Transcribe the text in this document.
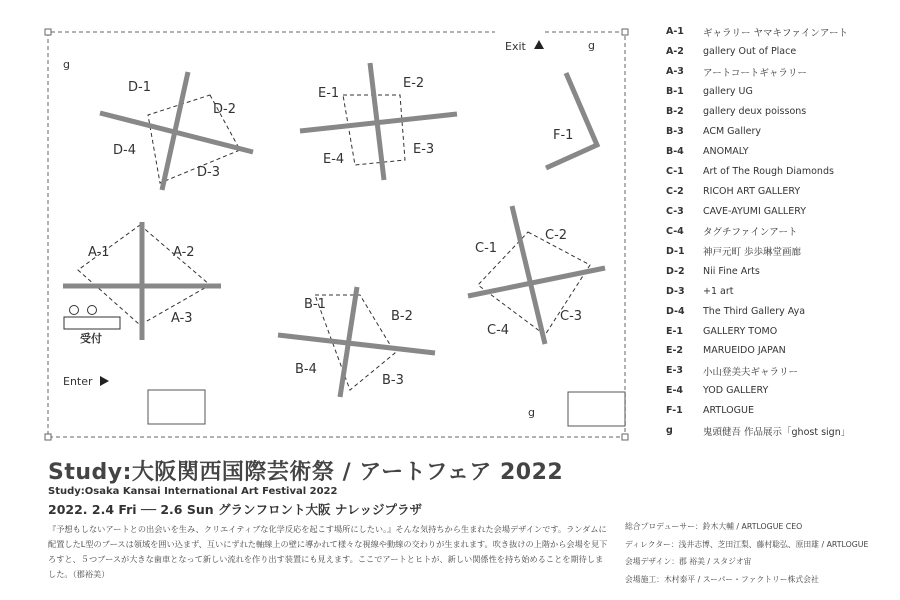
D-1
D-2
D-3
D-4
E-1
E-2
E-3
E-4
F-1
A-1	A-2
A-3
B-1
B-2
B-3
B-4
C-1
C-2
C-3
C-4
Exit
Enter
受付
g
g
g
A-1	ギャラリー ヤマキファインアート
A-2	gallery Out of Place
A-3	アートコートギャラリー
B-1	gallery UG
B-2	gallery deux poissons
B-3	ACM Gallery
B-4	ANOMALY
C-1	Art of The Rough Diamonds
C-2	RICOH ART GALLERY
C-3	CAVE-AYUMI GALLERY
C-4	タグチファインアート
D-1	神戸元町 歩歩琳堂画廊
D-2	Nii Fine Arts
D-3	+1 art
D-4	The Third Gallery Aya
E-1	GALLERY TOMO
E-2	MARUEIDO JAPAN
E-3	小山登美夫ギャラリー
E-4	YOD GALLERY
F-1	ARTLOGUE
g	鬼頭健吾 作品展示「ghost sign」
Study:大阪関西国際芸術祭 / アートフェア 2022
Study:Osaka Kansai International Art Festival 2022
2022. 2.4 Fri ── 2.6 Sun グランフロント大阪 ナレッジプラザ
『予想もしないアートとの出会いを生み、クリエイティブな化学反応を起こす場所にしたい。』そんな気持ちから生まれた会場デザインです。ランダムに配置したL型のブースは領域を囲い込まず、互いにずれた軸線上の壁に導かれて様々な視線や動線の交わりが生まれます。吹き抜けの上階から会場を見下ろすと、５つブースが大きな歯車となって新しい流れを作り出す装置にも見えます。ここでアートとヒトが、新しい関係性を持ち始めることを期待しました。（郡裕美）
総合プロデューサー：鈴木大輔 / ARTLOGUE CEO
ディレクター：浅井志博、芝田江梨、藤村聡弘、原田雄 / ARTLOGUE
会場デザイン：郡 裕美 / スタジオ宙
会場施工：木村泰平 / スーパー・ファクトリー株式会社
